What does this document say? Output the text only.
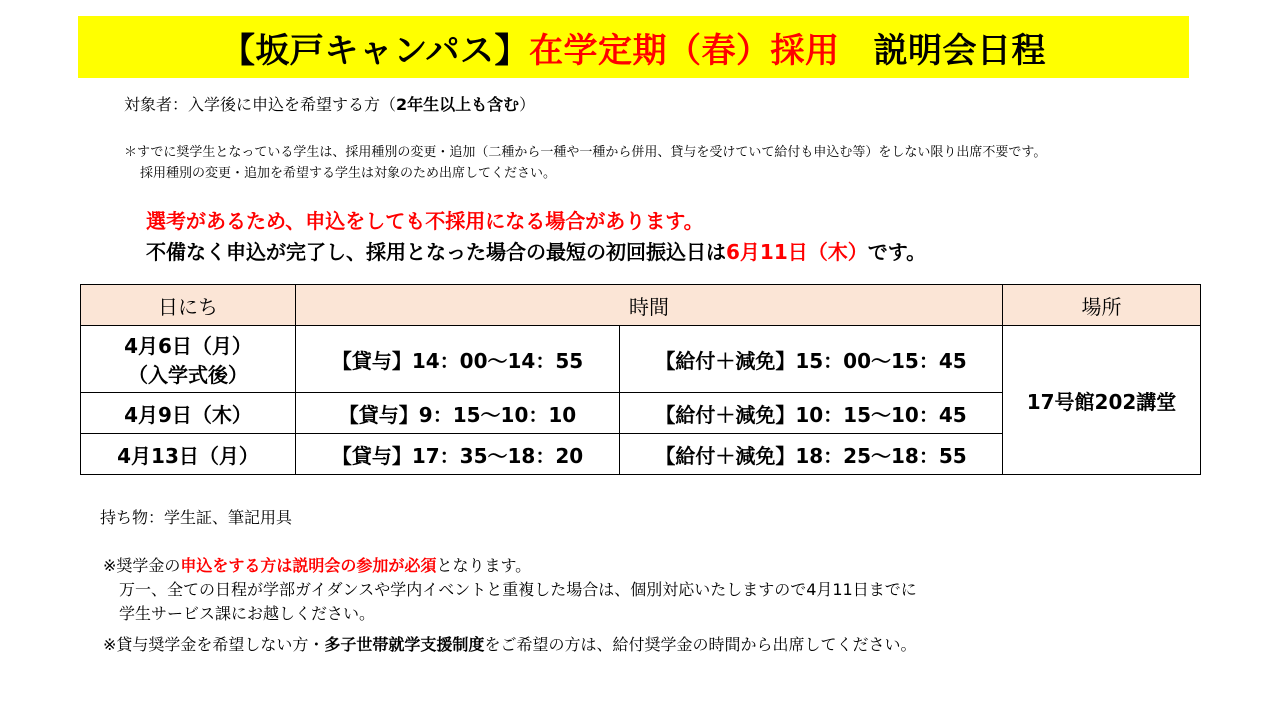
【坂戸キャンパス】 在学定期（春）採用 説明会日程
対象者：入学後に申込を希望する方（2年生以上も含む）
＊すでに奨学生となっている学生は、採用種別の変更・追加（二種から一種や一種から併用、貸与を受けていて給付も申込む等）をしない限り出席不要です。
採用種別の変更・追加を希望する学生は対象のため出席してください。
選考があるため、申込をしても不採用になる場合があります。
不備なく申込が完了し、採用となった場合の最短の初回振込日は6月11日（木）です。
日にち	時間		場所

4月6日（月）
（入学式後）	【貸与】14：00～14：55	【給付＋減免】15：00～15：45	17号館202講堂
4月9日（木）	【貸与】9：15～10：10	【給付＋減免】10：15～10：45	
4月13日（月）	【貸与】17：35～18：20	【給付＋減免】18：25～18：55	
持ち物：学生証、筆記用具
※奨学金の申込をする方は説明会の参加が必須となります。
万一、全ての日程が学部ガイダンスや学内イベントと重複した場合は、個別対応いたしますので4月11日までに
学生サービス課にお越しください。
※貸与奨学金を希望しない方・多子世帯就学支援制度をご希望の方は、給付奨学金の時間から出席してください。
